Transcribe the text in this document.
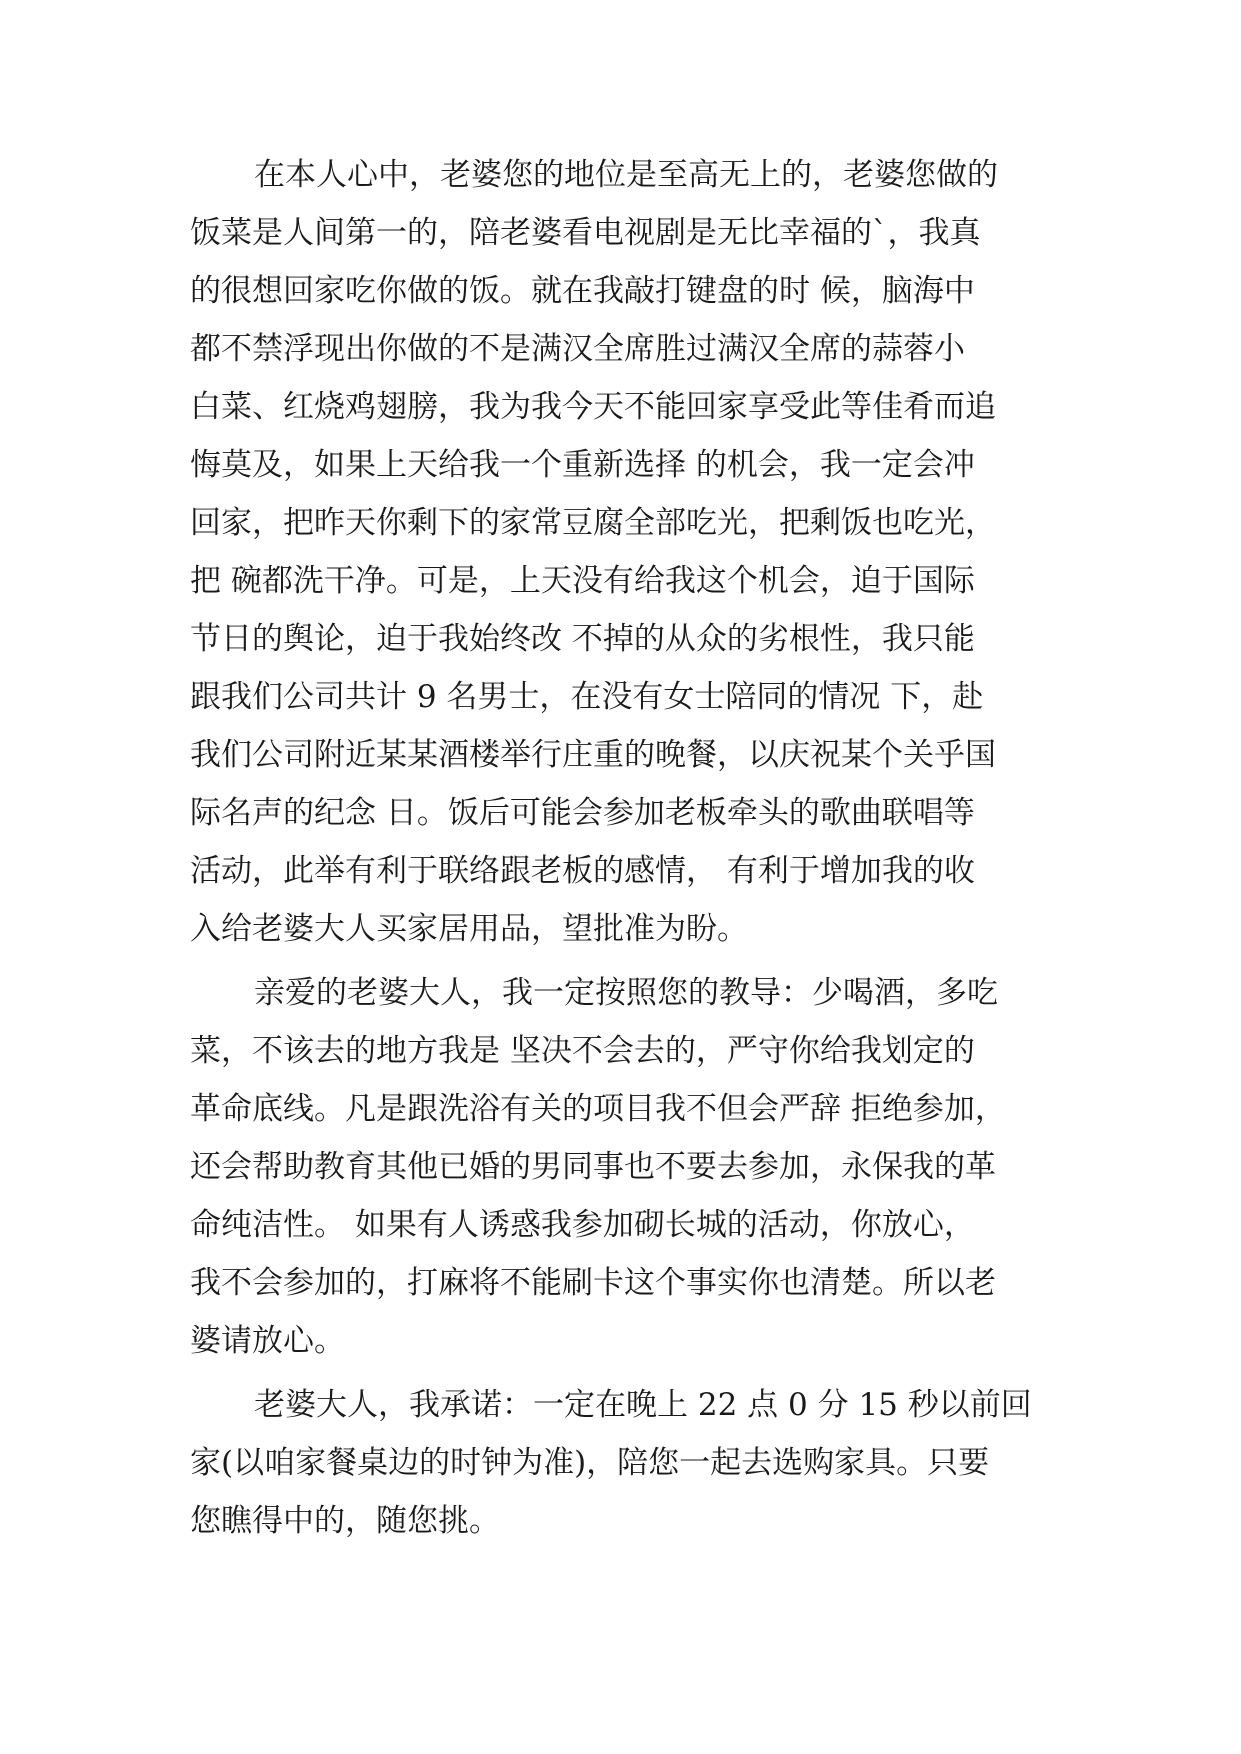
在本人心中，老婆您的地位是至高无上的，老婆您做的
饭菜是人间第一的，陪老婆看电视剧是无比幸福的`，我真
的很想回家吃你做的饭。就在我敲打键盘的时 候，脑海中
都不禁浮现出你做的不是满汉全席胜过满汉全席的蒜蓉小
白菜、红烧鸡翅膀，我为我今天不能回家享受此等佳肴而追
悔莫及，如果上天给我一个重新选择 的机会，我一定会冲
回家，把昨天你剩下的家常豆腐全部吃光，把剩饭也吃光，
把 碗都洗干净。可是，上天没有给我这个机会，迫于国际
节日的舆论，迫于我始终改 不掉的从众的劣根性，我只能
跟我们公司共计 9 名男士，在没有女士陪同的情况 下，赴
我们公司附近某某酒楼举行庄重的晚餐，以庆祝某个关乎国
际名声的纪念 日。饭后可能会参加老板牵头的歌曲联唱等
活动，此举有利于联络跟老板的感情， 有利于增加我的收
入给老婆大人买家居用品，望批准为盼。
亲爱的老婆大人，我一定按照您的教导：少喝酒，多吃
菜，不该去的地方我是 坚决不会去的，严守你给我划定的
革命底线。凡是跟洗浴有关的项目我不但会严辞 拒绝参加，
还会帮助教育其他已婚的男同事也不要去参加，永保我的革
命纯洁性。 如果有人诱惑我参加砌长城的活动，你放心，
我不会参加的，打麻将不能刷卡这个事实你也清楚。所以老
婆请放心。
老婆大人，我承诺：一定在晚上 22 点 0 分 15 秒以前回
家(以咱家餐桌边的时钟为准)，陪您一起去选购家具。只要
您瞧得中的，随您挑。
